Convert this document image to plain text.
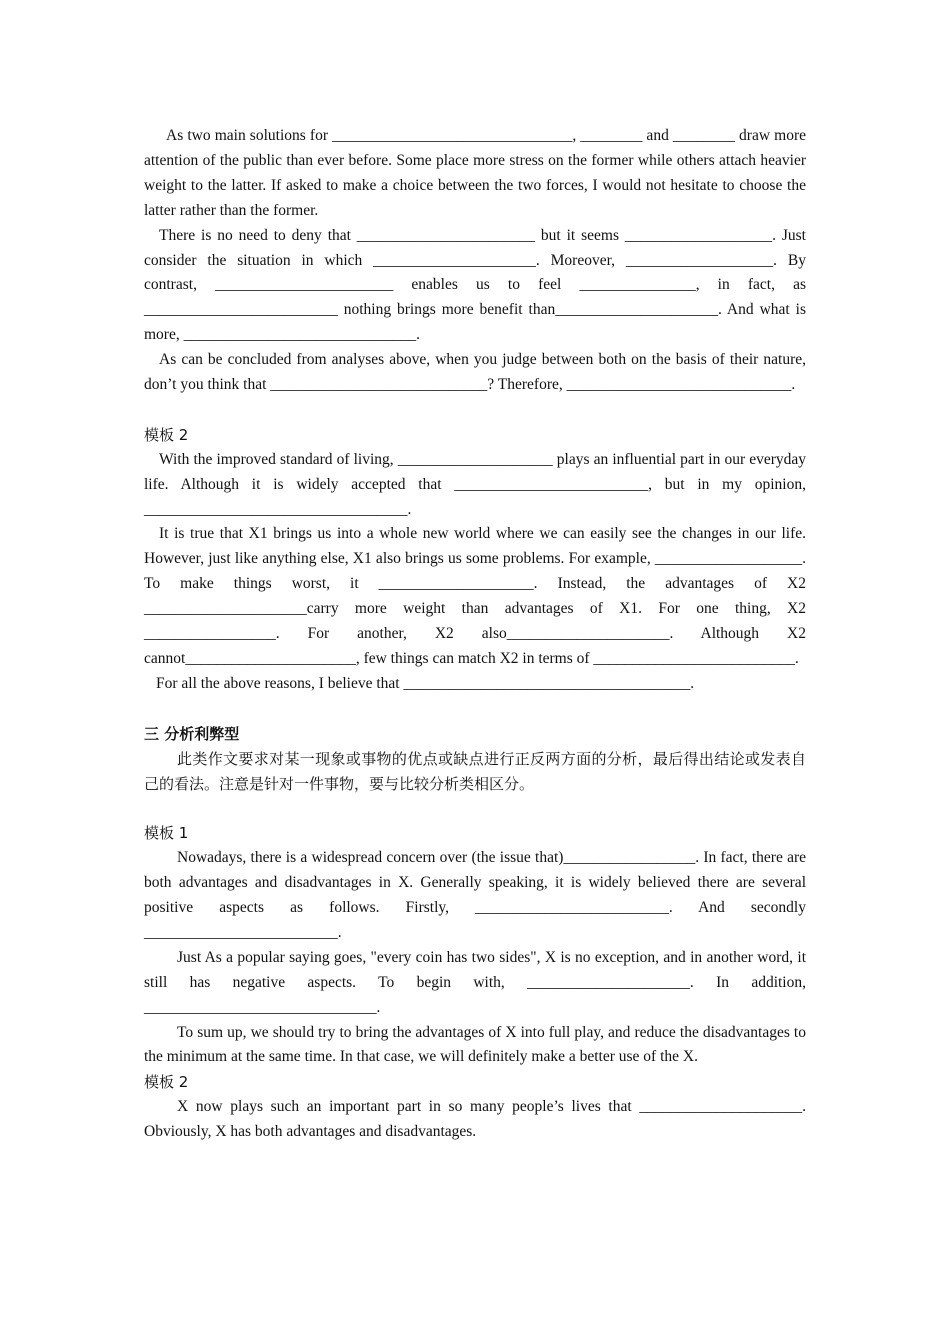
As two main solutions for _______________________________, ________ and ________ draw more attention of the public than ever before. Some place more stress on the former while others attach heavier weight to the latter. If asked to make a choice between the two forces, I would not hesitate to choose the latter rather than the former.

There is no need to deny that _______________________ but it seems ___________________. Just consider the situation in which _____________________. Moreover, ___________________. By contrast, _______________________ enables us to feel _______________, in fact, as _________________________ nothing brings more benefit than_____________________. And what is more, ______________________________.

As can be concluded from analyses above, when you judge between both on the basis of their nature, don’t you think that ____________________________? Therefore, _____________________________.

模板 2

With the improved standard of living, ____________________ plays an influential part in our everyday life. Although it is widely accepted that _________________________, but in my opinion, __________________________________.

It is true that X1 brings us into a whole new world where we can easily see the changes in our life. However, just like anything else, X1 also brings us some problems. For example, ___________________. To make things worst, it ____________________. Instead, the advantages of X2 _____________________carry more weight than advantages of X1. For one thing, X2 _________________. For another, X2 also_____________________. Although X2 cannot______________________, few things can match X2 in terms of __________________________.

For all the above reasons, I believe that _____________________________________.

三 分析利弊型

此类作文要求对某一现象或事物的优点或缺点进行正反两方面的分析，最后得出结论或发表自己的看法。注意是针对一件事物，要与比较分析类相区分。

模板 1

Nowadays, there is a widespread concern over (the issue that)_________________. In fact, there are both advantages and disadvantages in X. Generally speaking, it is widely believed there are several positive aspects as follows. Firstly, _________________________. And secondly _________________________.

Just As a popular saying goes, "every coin has two sides", X is no exception, and in another word, it still has negative aspects. To begin with, _____________________. In addition, ______________________________.

To sum up, we should try to bring the advantages of X into full play, and reduce the disadvantages to the minimum at the same time. In that case, we will definitely make a better use of the X.

模板 2

X now plays such an important part in so many people’s lives that _____________________. Obviously, X has both advantages and disadvantages.
